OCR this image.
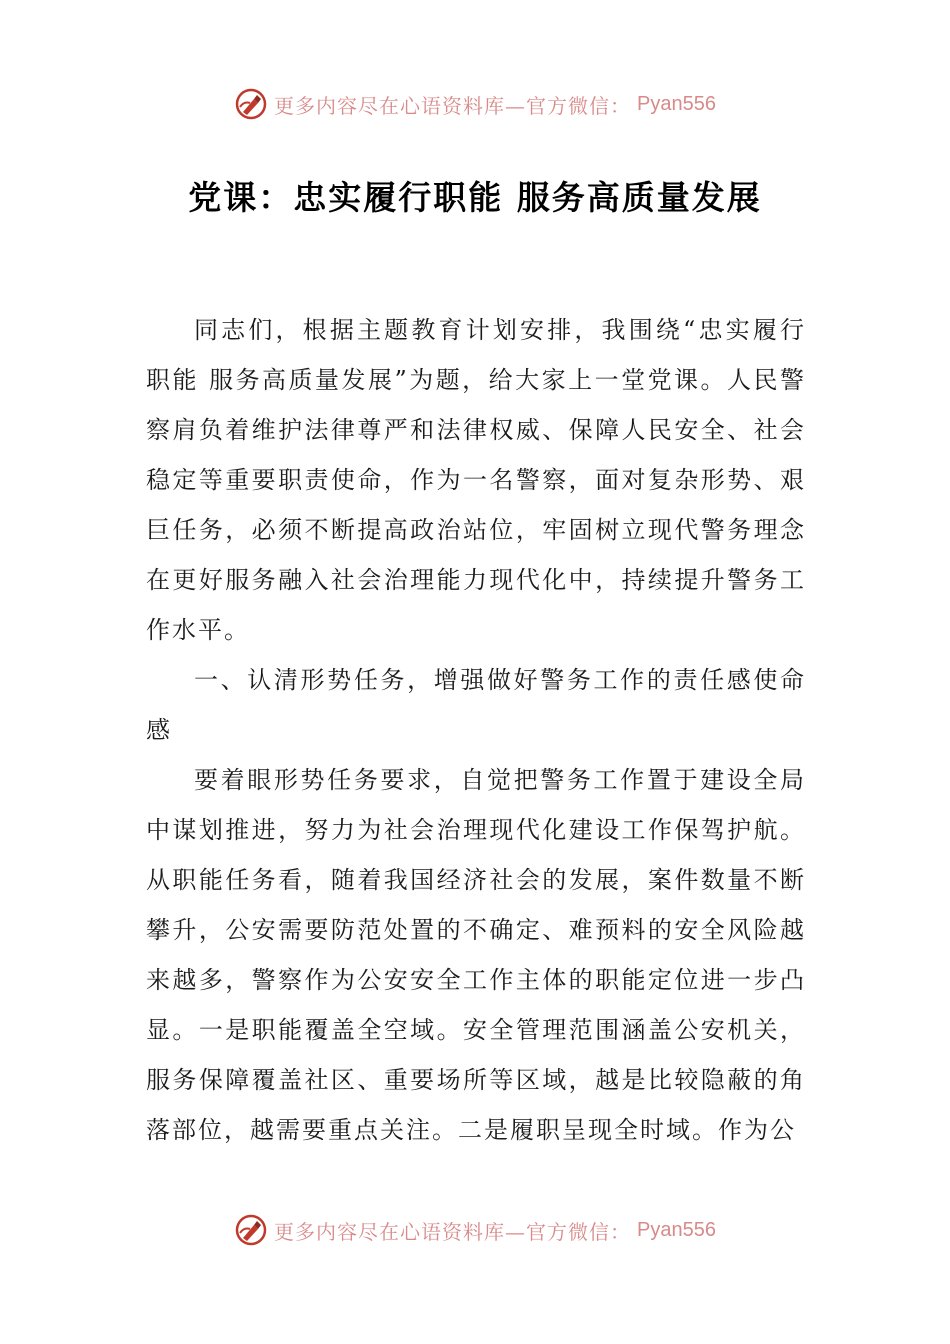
更多内容尽在心语资料库—官方微信： Pyan556
党课：忠实履行职能 服务高质量发展

同志们，根据主题教育计划安排，我围绕“忠实履行职能 服务高质量发展”为题，给大家上一堂党课。人民警察肩负着维护法律尊严和法律权威、保障人民安全、社会稳定等重要职责使命，作为一名警察，面对复杂形势、艰巨任务，必须不断提高政治站位，牢固树立现代警务理念在更好服务融入社会治理能力现代化中，持续提升警务工作水平。

一、认清形势任务，增强做好警务工作的责任感使命感

要着眼形势任务要求，自觉把警务工作置于建设全局中谋划推进，努力为社会治理现代化建设工作保驾护航。从职能任务看，随着我国经济社会的发展，案件数量不断攀升，公安需要防范处置的不确定、难预料的安全风险越来越多，警察作为公安安全工作主体的职能定位进一步凸显。一是职能覆盖全空域。安全管理范围涵盖公安机关，服务保障覆盖社区、重要场所等区域，越是比较隐蔽的角落部位，越需要重点关注。二是履职呈现全时域。作为公

更多内容尽在心语资料库—官方微信： Pyan556
